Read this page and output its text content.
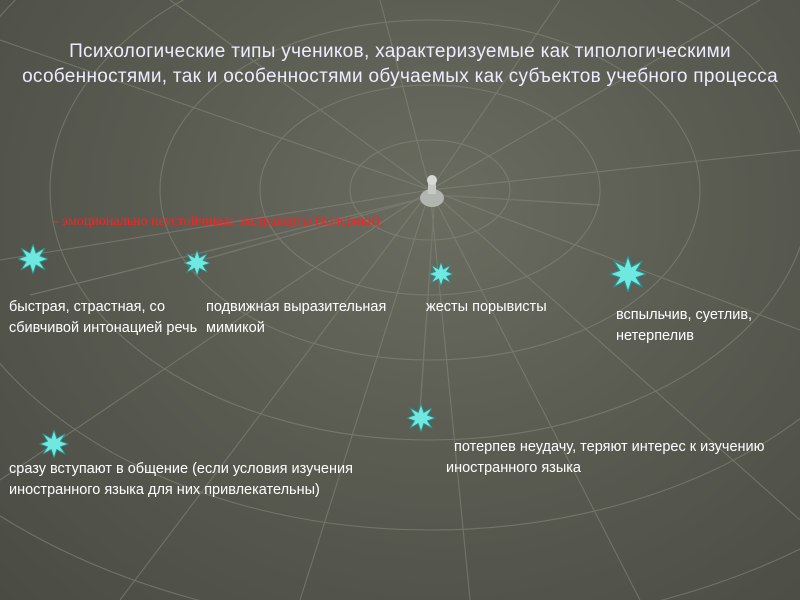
Психологические типы учеников, характеризуемые как типологическими особенностями, так и особенностями обучаемых как субъектов учебного процесса
- эмоционально неустойчивые экстраверты (холерики):
быстрая, страстная, со сбивчивой интонацией речь
подвижная выразительная мимикой
жесты порывисты	вспыльчив, суетлив, нетерпелив
сразу вступают в общение (если условия изучения иностранного языка для них привлекательны)
потерпев неудачу, теряют интерес к изучению иностранного языка
